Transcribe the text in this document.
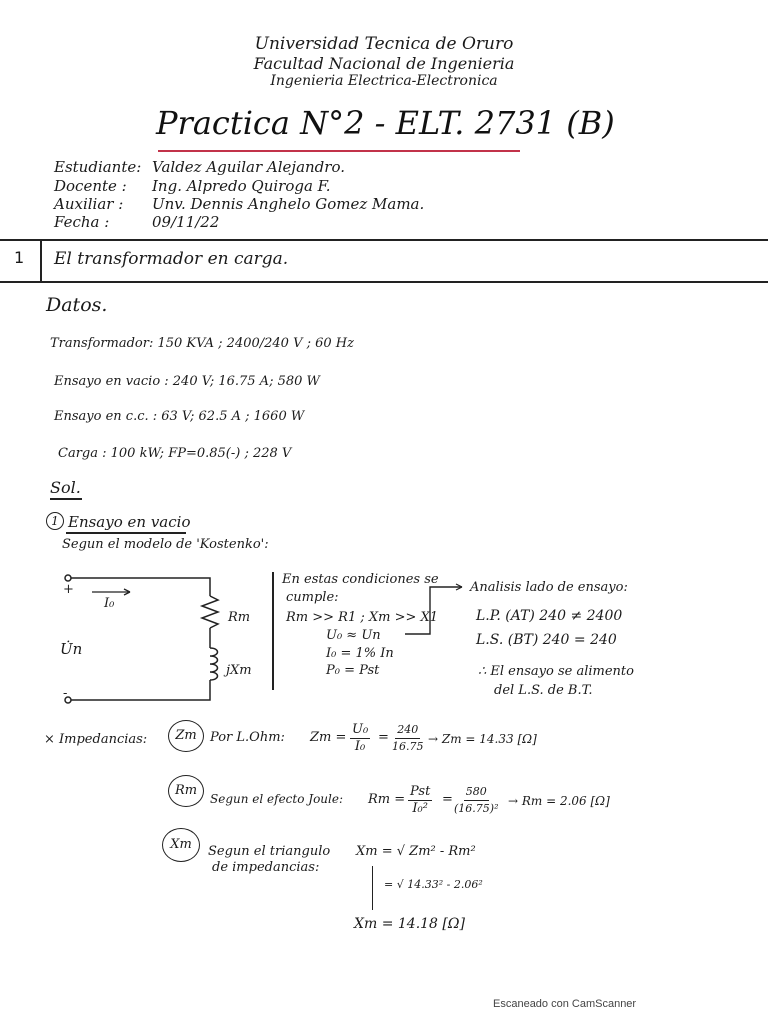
Universidad Tecnica de Oruro
Facultad Nacional de Ingenieria
Ingenieria Electrica-Electronica
Practica N°2 - ELT. 2731 (B)
Estudiante: Valdez Aguilar Alejandro.
Docente : Ing. Alpredo Quiroga F.
Auxiliar : Unv. Dennis Anghelo Gomez Mama.
Fecha :	09/11/22
1 El transformador en carga.
Datos.
Transformador: 150 KVA ; 2400/240 V ; 60 Hz
Ensayo en vacio : 240 V; 16.75 A; 580 W
Ensayo en c.c. : 63 V; 62.5 A ; 1660 W
Carga : 100 kW; FP=0.85(-) ; 228 V
Sol.
1 Ensayo en vacio
Segun el modelo de 'Kostenko':
+
I₀
U̇n
Rm
jXm
-
En estas condiciones se
cumple:
Rm >> R1 ; Xm >> X1
U₀ ≈ Un
I₀ = 1% In
P₀ = Pst
Analisis lado de ensayo:
L.P. (AT) 240 ≠ 2400
L.S. (BT) 240 = 240
∴ El ensayo se alimento
del L.S. de B.T.
× Impedancias:	Zm	Por L.Ohm: $Zm = \frac{\text{U₀}}{\text{I₀}} = \frac{240}{16.75} \to Zm = 14.33$ [Ω]
Rm
Segun el efecto Joule: Rm =
Pst
I₀²
= $\frac{580}{\text{(16.75)²}} \to Rm = 2.06$ [Ω]
Xm	Segun el triangulo
de impedancias:
Xm = √ Zm² - Rm²
= √ 14.33² - 2.06²
Xm = 14.18 [Ω]
Escaneado con CamScanner
